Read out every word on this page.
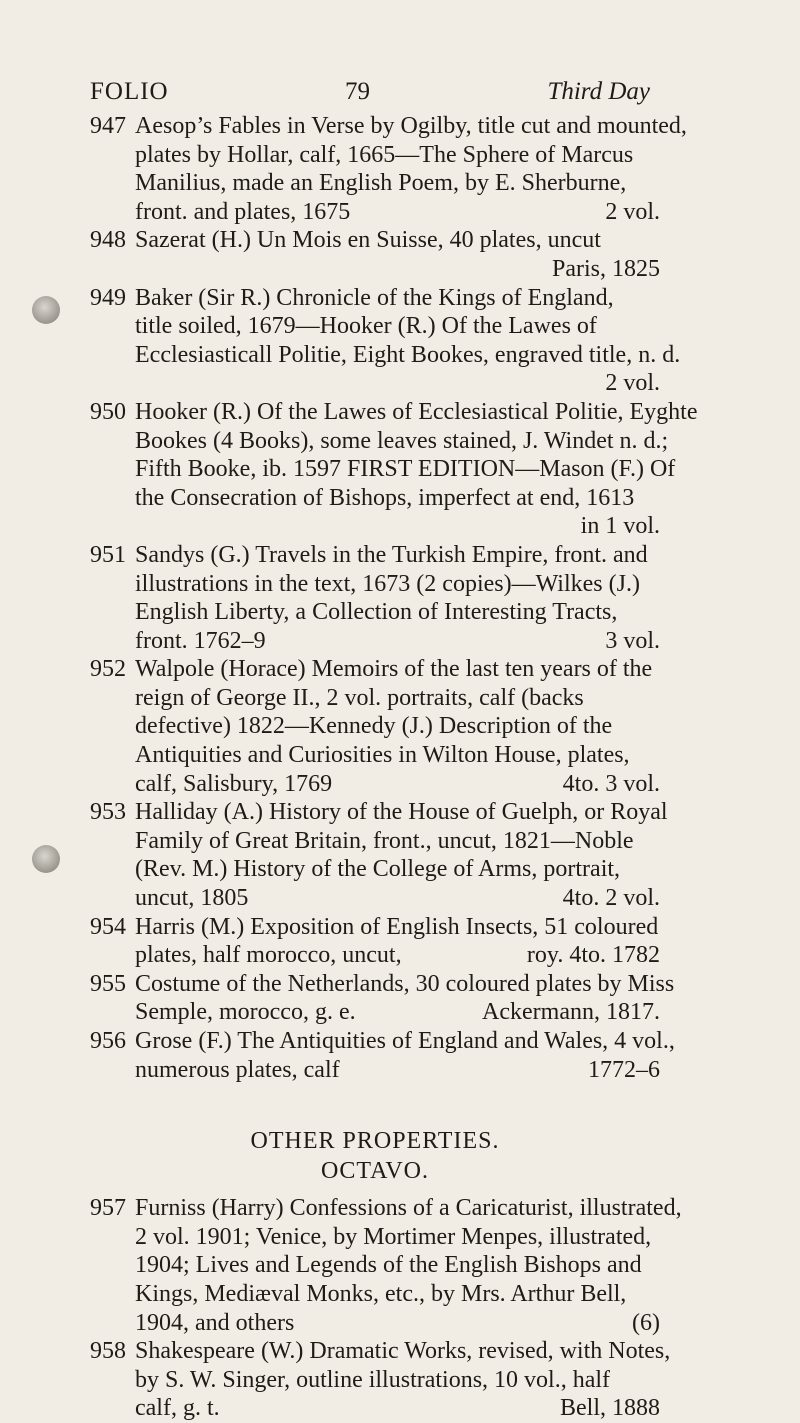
FOLIO	79	Third Day
947 Aesop’s Fables in Verse by Ogilby, title cut and mounted,
plates by Hollar, calf, 1665—The Sphere of Marcus
Manilius, made an English Poem, by E. Sherburne,
front. and plates, 1675	2 vol.
948 Sazerat (H.) Un Mois en Suisse, 40 plates, uncut
Paris, 1825
949 Baker (Sir R.) Chronicle of the Kings of England,
title soiled, 1679—Hooker (R.) Of the Lawes of
Ecclesiasticall Politie, Eight Bookes, engraved title, n. d.
2 vol.
950 Hooker (R.) Of the Lawes of Ecclesiastical Politie, Eyghte
Bookes (4 Books), some leaves stained, J. Windet n. d.;
Fifth Booke, ib. 1597 FIRST EDITION—Mason (F.) Of
the Consecration of Bishops, imperfect at end, 1613
in 1 vol.
951 Sandys (G.) Travels in the Turkish Empire, front. and
illustrations in the text, 1673 (2 copies)—Wilkes (J.)
English Liberty, a Collection of Interesting Tracts,
front. 1762–9	3 vol.
952 Walpole (Horace) Memoirs of the last ten years of the
reign of George II., 2 vol. portraits, calf (backs
defective) 1822—Kennedy (J.) Description of the
Antiquities and Curiosities in Wilton House, plates,
calf, Salisbury, 1769	4to. 3 vol.
953 Halliday (A.) History of the House of Guelph, or Royal
Family of Great Britain, front., uncut, 1821—Noble
(Rev. M.) History of the College of Arms, portrait,
uncut, 1805	4to. 2 vol.
954 Harris (M.) Exposition of English Insects, 51 coloured
plates, half morocco, uncut,	roy. 4to. 1782
955 Costume of the Netherlands, 30 coloured plates by Miss
Semple, morocco, g. e.	Ackermann, 1817.
956 Grose (F.) The Antiquities of England and Wales, 4 vol.,
numerous plates, calf	1772–6
OTHER PROPERTIES.
OCTAVO.
957 Furniss (Harry) Confessions of a Caricaturist, illustrated,
2 vol. 1901; Venice, by Mortimer Menpes, illustrated,
1904; Lives and Legends of the English Bishops and
Kings, Mediæval Monks, etc., by Mrs. Arthur Bell,
1904, and others	(6)
958 Shakespeare (W.) Dramatic Works, revised, with Notes,
by S. W. Singer, outline illustrations, 10 vol., half
calf, g. t.	Bell, 1888
